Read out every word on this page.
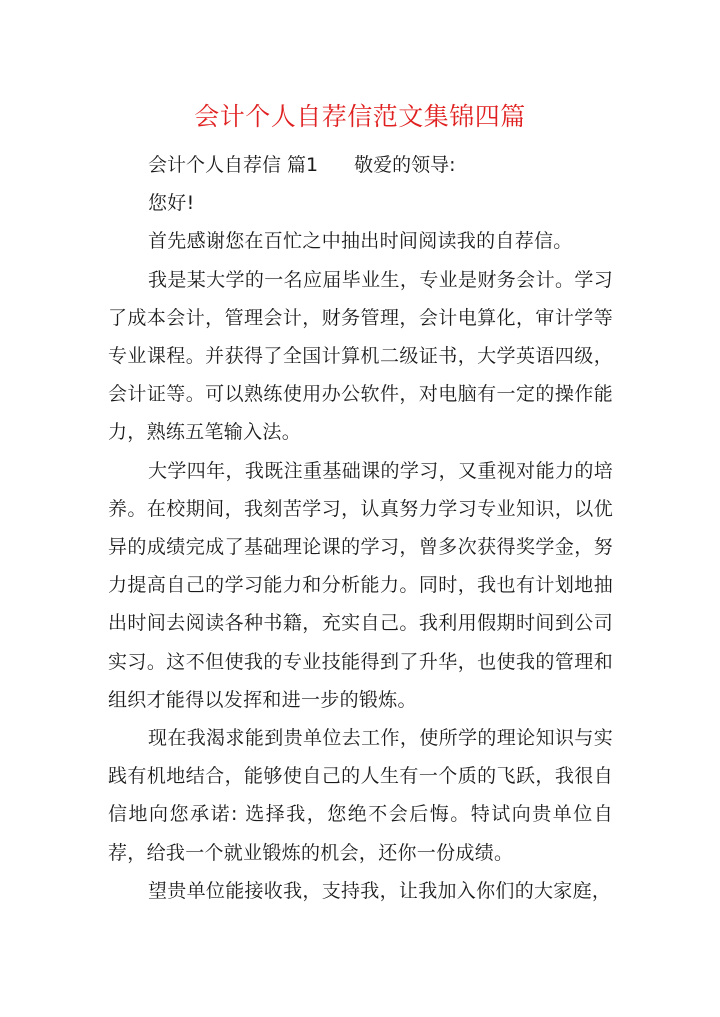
会计个人自荐信范文集锦四篇

会计个人自荐信 篇1 敬爱的领导:

您好!

首先感谢您在百忙之中抽出时间阅读我的自荐信。

我是某大学的一名应届毕业生，专业是财务会计。学习了成本会计，管理会计，财务管理，会计电算化，审计学等专业课程。并获得了全国计算机二级证书，大学英语四级，会计证等。可以熟练使用办公软件，对电脑有一定的操作能力，熟练五笔输入法。

大学四年，我既注重基础课的学习，又重视对能力的培养。在校期间，我刻苦学习，认真努力学习专业知识，以优异的成绩完成了基础理论课的学习，曾多次获得奖学金，努力提高自己的学习能力和分析能力。同时，我也有计划地抽出时间去阅读各种书籍，充实自己。我利用假期时间到公司实习。这不但使我的专业技能得到了升华，也使我的管理和组织才能得以发挥和进一步的锻炼。

现在我渴求能到贵单位去工作，使所学的理论知识与实践有机地结合，能够使自己的人生有一个质的飞跃，我很自信地向您承诺: 选择我，您绝不会后悔。特试向贵单位自荐，给我一个就业锻炼的机会，还你一份成绩。

望贵单位能接收我，支持我，让我加入你们的大家庭，
